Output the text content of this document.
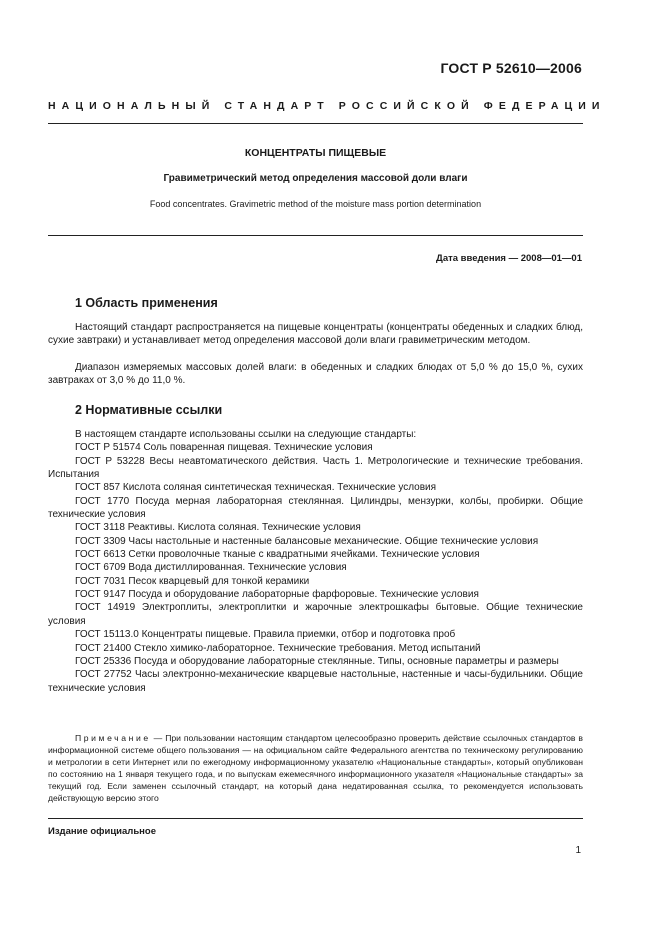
ГОСТ Р 52610—2006
НАЦИОНАЛЬНЫЙ СТАНДАРТ РОССИЙСКОЙ ФЕДЕРАЦИИ
КОНЦЕНТРАТЫ ПИЩЕВЫЕ
Гравиметрический метод определения массовой доли влаги
Food concentrates. Gravimetric method of the moisture mass portion determination
Дата введения — 2008—01—01
1 Область применения
Настоящий стандарт распространяется на пищевые концентраты (концентраты обеденных и сладких блюд, сухие завтраки) и устанавливает метод определения массовой доли влаги гравиметрическим методом.
Диапазон измеряемых массовых долей влаги: в обеденных и сладких блюдах от 5,0 % до 15,0 %, сухих завтраках от 3,0 % до 11,0 %.
2 Нормативные ссылки

В настоящем стандарте использованы ссылки на следующие стандарты:

ГОСТ Р 51574 Соль поваренная пищевая. Технические условия

ГОСТ Р 53228 Весы неавтоматического действия. Часть 1. Метрологические и технические требования. Испытания

ГОСТ 857 Кислота соляная синтетическая техническая. Технические условия

ГОСТ 1770 Посуда мерная лабораторная стеклянная. Цилиндры, мензурки, колбы, пробирки. Общие технические условия

ГОСТ 3118 Реактивы. Кислота соляная. Технические условия

ГОСТ 3309 Часы настольные и настенные балансовые механические. Общие технические условия

ГОСТ 6613 Сетки проволочные тканые с квадратными ячейками. Технические условия

ГОСТ 6709 Вода дистиллированная. Технические условия

ГОСТ 7031 Песок кварцевый для тонкой керамики

ГОСТ 9147 Посуда и оборудование лабораторные фарфоровые. Технические условия

ГОСТ 14919 Электроплиты, электроплитки и жарочные электрошкафы бытовые. Общие технические условия

ГОСТ 15113.0 Концентраты пищевые. Правила приемки, отбор и подготовка проб

ГОСТ 21400 Стекло химико-лабораторное. Технические требования. Метод испытаний

ГОСТ 25336 Посуда и оборудование лабораторные стеклянные. Типы, основные параметры и размеры

ГОСТ 27752 Часы электронно-механические кварцевые настольные, настенные и часы-будильники. Общие технические условия

Примечание — При пользовании настоящим стандартом целесообразно проверить действие ссылочных стандартов в информационной системе общего пользования — на официальном сайте Федерального агентства по техническому регулированию и метрологии в сети Интернет или по ежегодному информационному указателю «Национальные стандарты», который опубликован по состоянию на 1 января текущего года, и по выпускам ежемесячного информационного указателя «Национальные стандарты» за текущий год. Если заменен ссылочный стандарт, на который дана недатированная ссылка, то рекомендуется использовать действующую версию этого
Издание официальное
1
